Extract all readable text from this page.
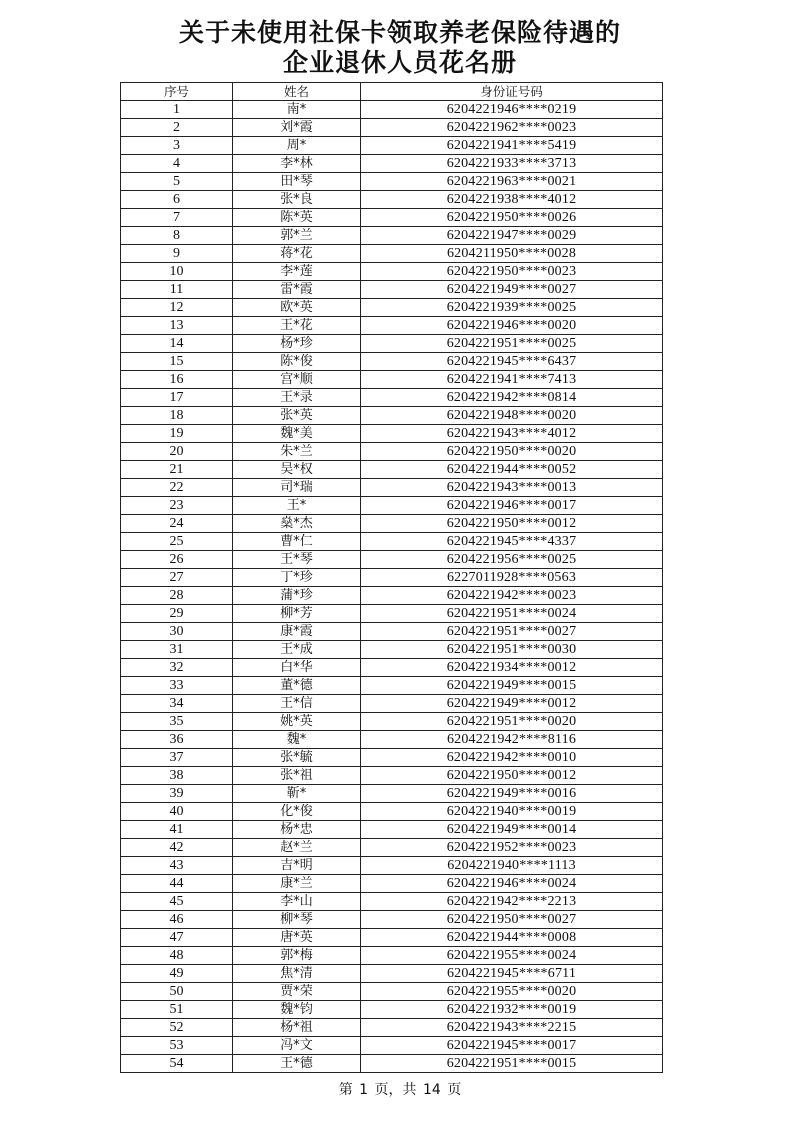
关于未使用社保卡领取养老保险待遇的
企业退休人员花名册
序号	姓名	身份证号码
1	南*	6204221946****0219
2	刘*霞	6204221962****0023
3	周*	6204221941****5419
4	李*林	6204221933****3713
5	田*琴	6204221963****0021
6	张*良	6204221938****4012
7	陈*英	6204221950****0026
8	郭*兰	6204221947****0029
9	蒋*花	6204211950****0028
10	李*莲	6204221950****0023
11	雷*霞	6204221949****0027
12	欧*英	6204221939****0025
13	王*花	6204221946****0020
14	杨*珍	6204221951****0025
15	陈*俊	6204221945****6437
16	宫*顺	6204221941****7413
17	王*录	6204221942****0814
18	张*英	6204221948****0020
19	魏*美	6204221943****4012
20	朱*兰	6204221950****0020
21	吴*权	6204221944****0052
22	司*瑞	6204221943****0013
23	王*	6204221946****0017
24	燊*杰	6204221950****0012
25	曹*仁	6204221945****4337
26	王*琴	6204221956****0025
27	丁*珍	6227011928****0563
28	蒲*珍	6204221942****0023
29	柳*芳	6204221951****0024
30	康*霞	6204221951****0027
31	王*成	6204221951****0030
32	白*华	6204221934****0012
33	董*德	6204221949****0015
34	王*信	6204221949****0012
35	姚*英	6204221951****0020
36	魏*	6204221942****8116
37	张*毓	6204221942****0010
38	张*祖	6204221950****0012
39	靳*	6204221949****0016
40	化*俊	6204221940****0019
41	杨*忠	6204221949****0014
42	赵*兰	6204221952****0023
43	吉*明	6204221940****1113
44	康*兰	6204221946****0024
45	李*山	6204221942****2213
46	柳*琴	6204221950****0027
47	唐*英	6204221944****0008
48	郭*梅	6204221955****0024
49	焦*清	6204221945****6711
50	贾*荣	6204221955****0020
51	魏*钧	6204221932****0019
52	杨*祖	6204221943****2215
53	冯*文	6204221945****0017
54	王*德	6204221951****0015
第 1 页，共 14 页
